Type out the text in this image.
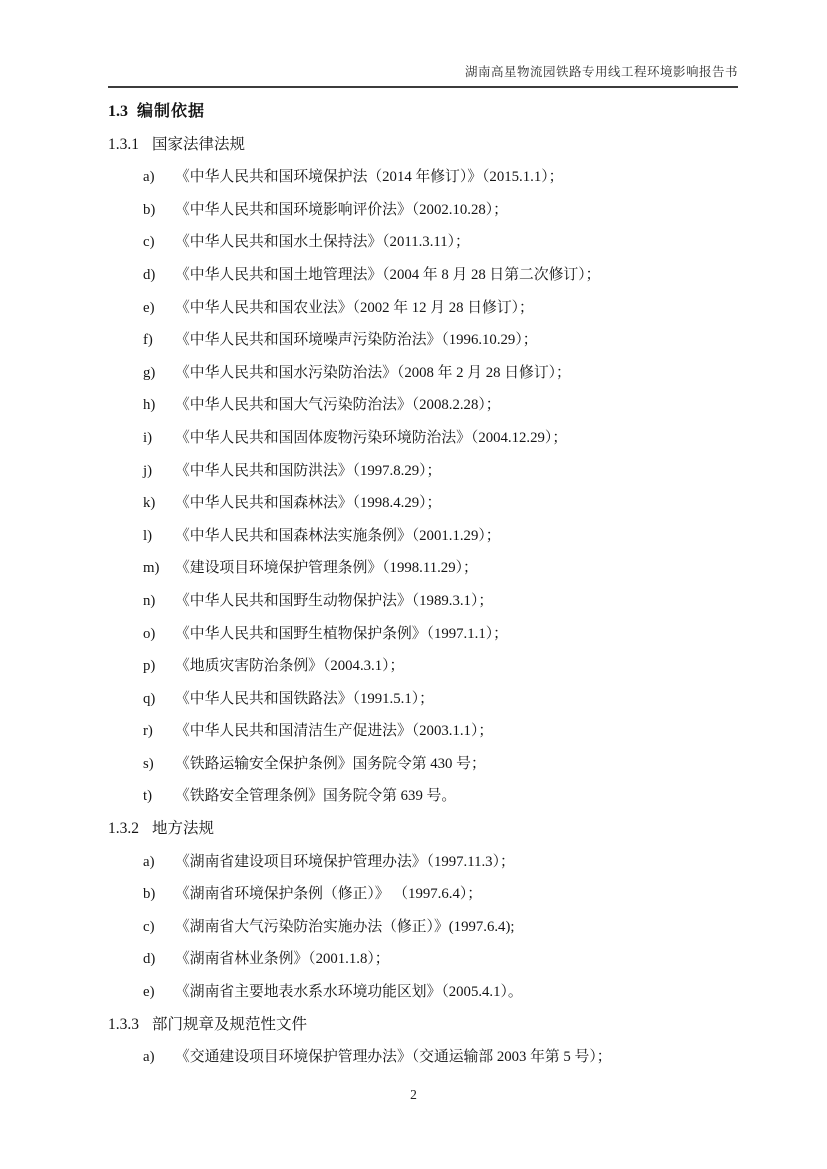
湖南高星物流园铁路专用线工程环境影响报告书
1.3 编制依据
1.3.1 国家法律法规
a) 《中华人民共和国环境保护法（2014 年修订）》（2015.1.1）；
b) 《中华人民共和国环境影响评价法》（2002.10.28）；
c) 《中华人民共和国水土保持法》（2011.3.11）；
d) 《中华人民共和国土地管理法》（2004 年 8 月 28 日第二次修订）；
e) 《中华人民共和国农业法》（2002 年 12 月 28 日修订）；
f) 《中华人民共和国环境噪声污染防治法》（1996.10.29）；
g) 《中华人民共和国水污染防治法》（2008 年 2 月 28 日修订）；
h) 《中华人民共和国大气污染防治法》（2008.2.28）；
i) 《中华人民共和国固体废物污染环境防治法》（2004.12.29）；
j) 《中华人民共和国防洪法》（1997.8.29）；
k) 《中华人民共和国森林法》（1998.4.29）；
l) 《中华人民共和国森林法实施条例》（2001.1.29）；
m) 《建设项目环境保护管理条例》（1998.11.29）；
n) 《中华人民共和国野生动物保护法》（1989.3.1）；
o) 《中华人民共和国野生植物保护条例》（1997.1.1）；
p) 《地质灾害防治条例》（2004.3.1）；
q) 《中华人民共和国铁路法》（1991.5.1）；
r) 《中华人民共和国清洁生产促进法》（2003.1.1）；
s) 《铁路运输安全保护条例》国务院令第 430 号；
t) 《铁路安全管理条例》国务院令第 639 号。
1.3.2 地方法规
a) 《湖南省建设项目环境保护管理办法》（1997.11.3）；
b) 《湖南省环境保护条例（修正）》 （1997.6.4）；
c) 《湖南省大气污染防治实施办法（修正）》(1997.6.4);
d) 《湖南省林业条例》（2001.1.8）；
e) 《湖南省主要地表水系水环境功能区划》（2005.4.1）。
1.3.3 部门规章及规范性文件
a) 《交通建设项目环境保护管理办法》（交通运输部 2003 年第 5 号）；
2
